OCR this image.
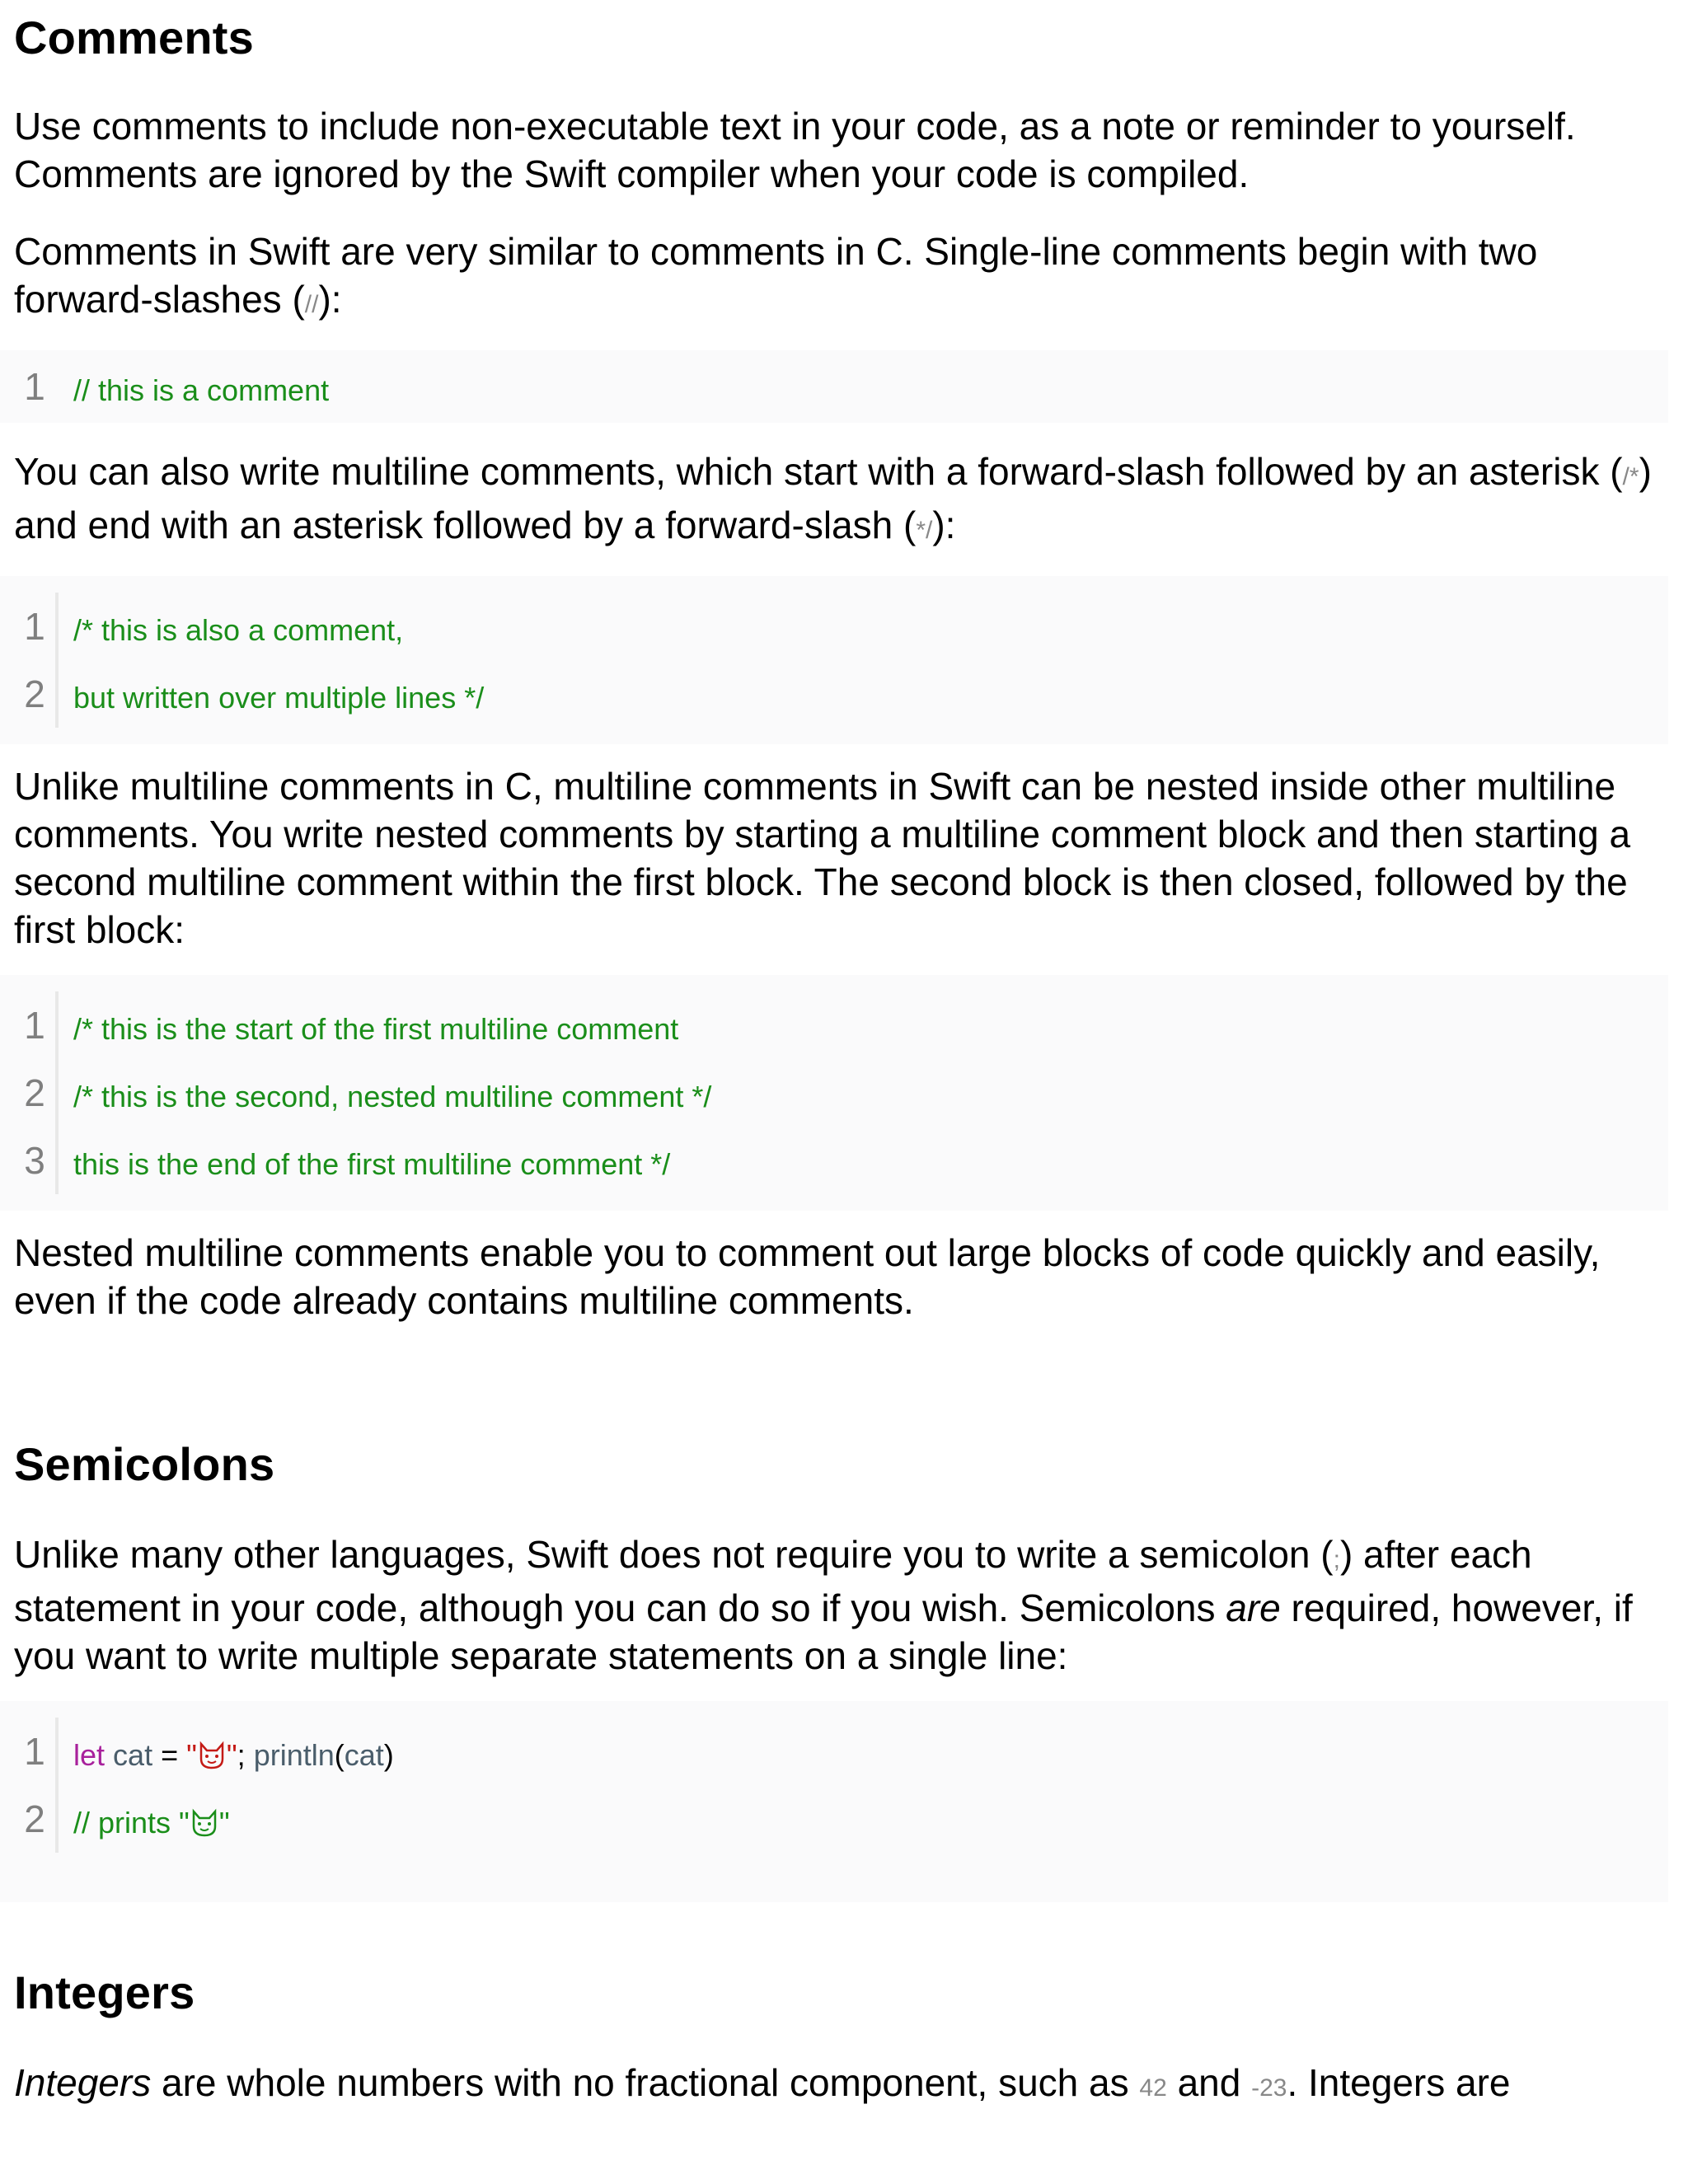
Comments

Use comments to include non-executable text in your code, as a note or reminder to yourself. Comments are ignored by the Swift compiler when your code is compiled.

Comments in Swift are very similar to comments in C. Single-line comments begin with two forward-slashes (//):

1 // this is a comment

You can also write multiline comments, which start with a forward-slash followed by an asterisk (/*) and end with an asterisk followed by a forward-slash (*/):

1 /* this is also a comment,
2 but written over multiple lines */

Unlike multiline comments in C, multiline comments in Swift can be nested inside other multiline comments. You write nested comments by starting a multiline comment block and then starting a second multiline comment within the first block. The second block is then closed, followed by the first block:

1 /* this is the start of the first multiline comment
2 /* this is the second, nested multiline comment */
3 this is the end of the first multiline comment */

Nested multiline comments enable you to comment out large blocks of code quickly and easily, even if the code already contains multiline comments.

Semicolons

Unlike many other languages, Swift does not require you to write a semicolon (;) after each statement in your code, although you can do so if you wish. Semicolons are required, however, if you want to write multiple separate statements on a single line:

1 let
cat = " " ; println ( cat )
2 // prints " "
Integers

Integers are whole numbers with no fractional component, such as 42 and -23. Integers are
